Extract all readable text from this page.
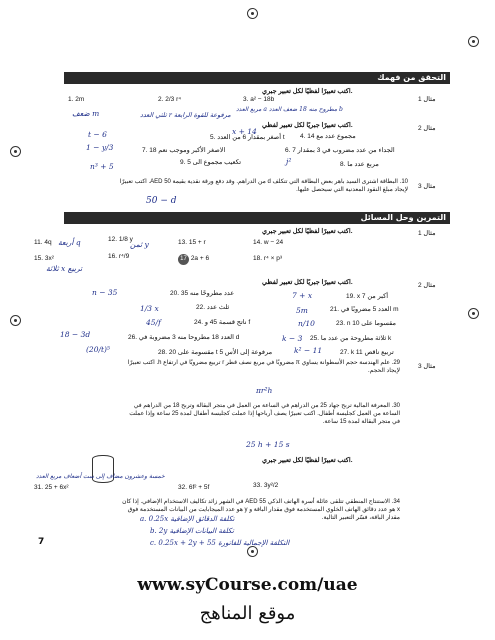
التحقق من فهمك
مثال 1
اكتب تعبيرًا لفظيًا لكل تعبير جبري.
1. 2m	2. 2/3 r⁴	3. a² − 18b
ضعف m	ثلثي العدد r مرفوعة للقوة الرابعة
مربع العدد a مطروح منه 18 ضعف العدد b
مثال 2
اكتب تعبيرًا جبريًا لكل تعبير لفظي.
4. مجموع عدد مع 14
5. أصغر بمقدار 6 من العدد t
x + 14
t − 6
6. الجداء من عدد مضروب في 3 بمقدار 7
7. 18 الاصغر الأكبر وموجب نعم
1 − y/3
8. مربع عدد ما
9. تكعيب مجموع الى 5	j²
n³ + 5
مثال 3
10. البطاقة اشترى السيد باهر بعض البطاقة التي تتكلف d من الدراهم. وقد دفع ورقة نقدية بقيمة 50 AED. اكتب تعبيرًا لإيجاد مبلغ النقود المعدنية التي سيحصل عليها.
50 − d
التمرين وحل المسائل
مثال 1
اكتب تعبيرًا لفظيًا لكل تعبير جبري.
11. 4q	12. 1/8 y	13. 15 + r	14. w − 24
أربعة q	ثمن y
15. 3x²	16. r⁴/9	17 2a + 6	18. r⁴ × p³
ثلاثة x تربيع
مثال 2
اكتب تعبيرًا جبريًا لكل تعبير لفظي.
19. x أكبر من 7
20. عدد مطروحًا منه 35	7 + x
n − 35
21. العدد 5 مضروبًا في m
22. ثلث عدد	5m
1/3 x
23. n مقسوما على 10
24. ناتج قسمة 45 و f	n/10
45/f
25. ثلاثة مطروحة من عدد ما k
26. العدد 18 مطروحا منه 3 مضروبة في d	k − 3
18 − 3d
27. k تربيع ناقص 11
28. 20 مقسومة على t مرفوعة إلى الأس 5	k² − 11
(20/t)⁵
مثال 3
29. علم الهندسة حجم الأسطوانة يساوي π مضروبًا في مربع نصف قطر r تربيع مضروبًا في ارتفاع h. اكتب تعبيرًا لإيجاد الحجم.
πr²h
30. المعرفة المالية تربح جهاد 25 من الدراهم في الساعة من العمل في متجر البقالة وتربح 18 من الدراهم في الساعة من العمل كجليسة أطفال. اكتب تعبيرًا يصف أرباحها إذا عملت كجليسة أطفال لمدة 25 ساعة وإذا عملت في متجر البقالة لمدة 15 ساعة.
25 h + 15 s
اكتب تعبيرًا لفظيًا لكل تعبير جبري.
خمسة وعشرون مضاف إلى ست أضعاف مربع العدد
31. 25 + 6x²	32. 6f² + 5f	33. 3y²/2
34. الاستنتاج المنطقي تتلقى عائلة أسرة الهاتف الذكي 55 AED في الشهر زائد تكاليف الاستخدام الإضافي. إذا كان x هو عدد دقائق الهاتف الخلوي المستخدمة فوق مقدار الباقة و y هو عدد الميجابايت من البيانات المستخدمة فوق مقدار الباقة، فسّر التعبير التالية.
a. 0.25x تكلفة الدقائق الإضافية
b. 2y تكلفة البيانات الإضافية
c. 0.25x + 2y + 55 التكلفة الإجمالية للفاتورة
7
www.syCourse.com/uae
موقع المناهج
